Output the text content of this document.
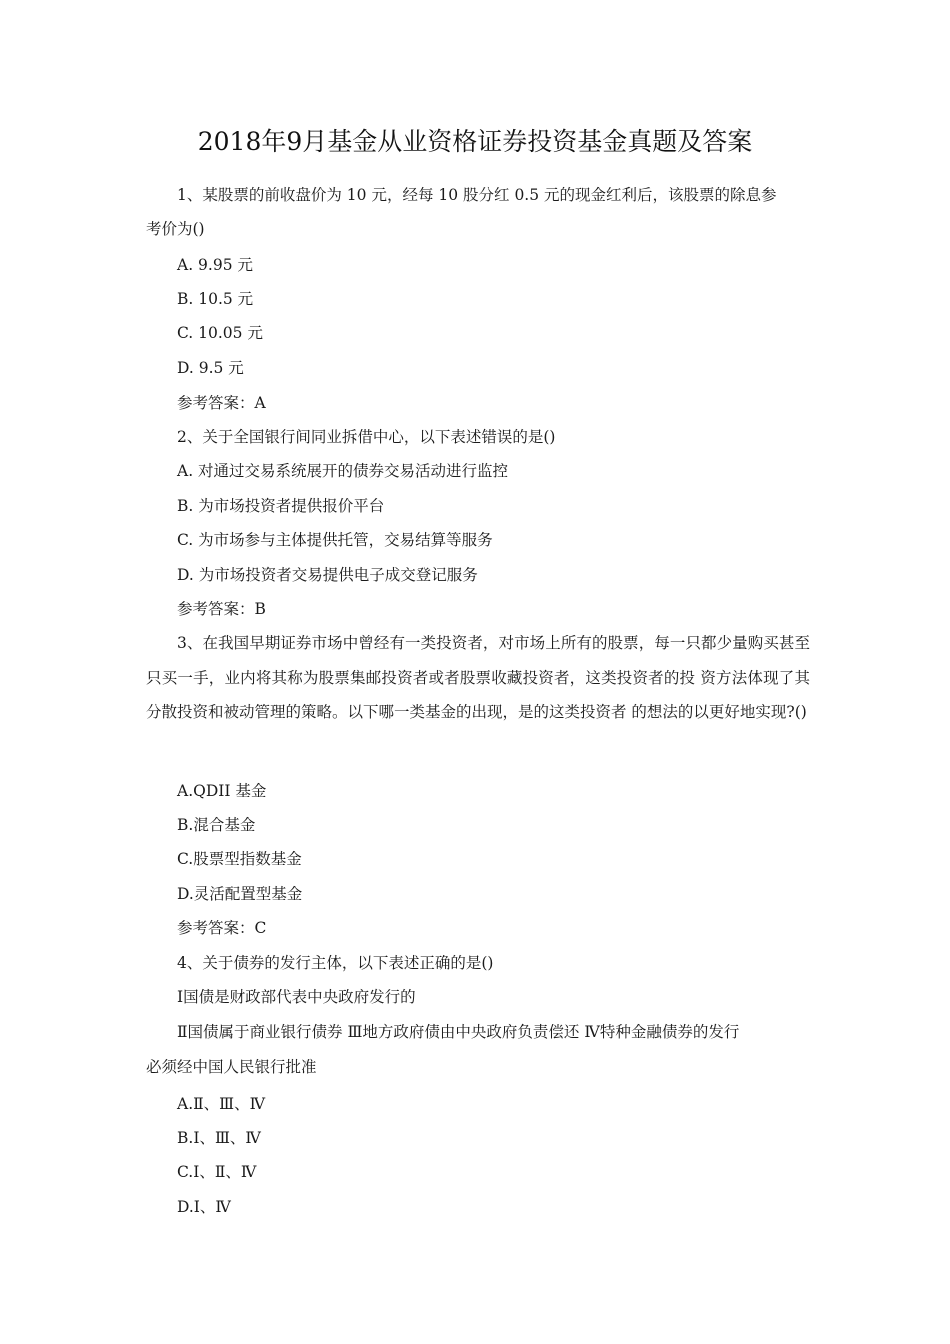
2018年9月基金从业资格证券投资基金真题及答案
1、某股票的前收盘价为 10 元，经每 10 股分红 0.5 元的现金红利后，该股票的除息参
考价为()
A. 9.95 元
B. 10.5 元
C. 10.05 元
D. 9.5 元
参考答案：A
2、关于全国银行间同业拆借中心，以下表述错误的是()
A. 对通过交易系统展开的债券交易活动进行监控
B. 为市场投资者提供报价平台
C. 为市场参与主体提供托管，交易结算等服务
D. 为市场投资者交易提供电子成交登记服务
参考答案：B
3、在我国早期证券市场中曾经有一类投资者，对市场上所有的股票，每一只都少量购买甚至只买一手，业内将其称为股票集邮投资者或者股票收藏投资者，这类投资者的投 资方法体现了其分散投资和被动管理的策略。以下哪一类基金的出现，是的这类投资者 的想法的以更好地实现?()
A.QDII 基金
B.混合基金
C.股票型指数基金
D.灵活配置型基金
参考答案：C
4、关于债券的发行主体，以下表述正确的是()
Ⅰ国债是财政部代表中央政府发行的
Ⅱ国债属于商业银行债券 Ⅲ地方政府债由中央政府负责偿还 Ⅳ特种金融债券的发行
必须经中国人民银行批准
A.Ⅱ、Ⅲ、Ⅳ
B.Ⅰ、Ⅲ、Ⅳ
C.Ⅰ、Ⅱ、Ⅳ
D.Ⅰ、Ⅳ
